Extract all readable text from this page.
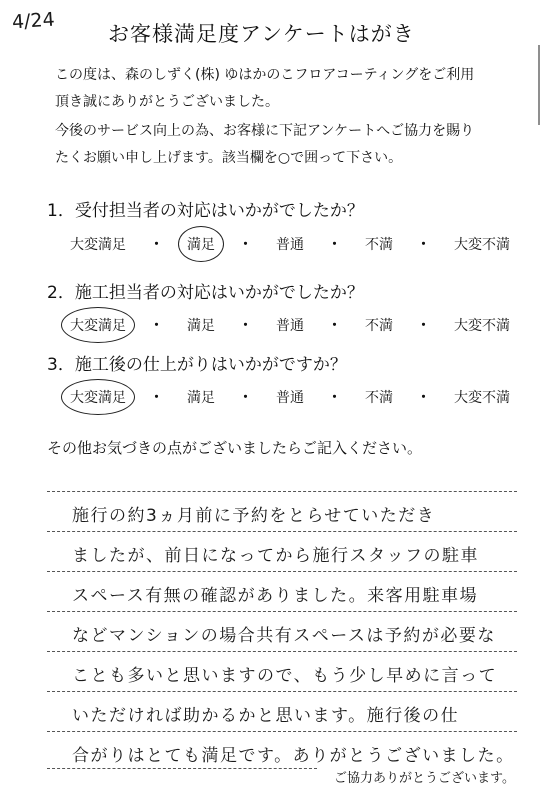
4/24
お客様満足度アンケートはがき
この度は、森のしずく(株) ゆはかのこフロアコーティングをご利用
頂き誠にありがとうございました。
今後のサービス向上の為、お客様に下記アンケートへご協力を賜り
たくお願い申し上げます。該当欄を○で囲って下さい。
1．受付担当者の対応はいかがでしたか？
大変満足 ・ 満足 ・ 普通 ・ 不満 ・ 大変不満
2．施工担当者の対応はいかがでしたか？
大変満足 ・ 満足 ・ 普通 ・ 不満 ・ 大変不満
3．施工後の仕上がりはいかがですか？
大変満足 ・ 満足 ・ 普通 ・ 不満 ・ 大変不満
その他お気づきの点がございましたらご記入ください。
施行の約3ヵ月前に予約をとらせていただき
ましたが、前日になってから施行スタッフの駐車
スペース有無の確認がありました。来客用駐車場
などマンションの場合共有スペースは予約が必要な
ことも多いと思いますので、もう少し早めに言って
いただければ助かるかと思います。施行後の仕
合がりはとても満足です。ありがとうございました。
ご協力ありがとうございます。
